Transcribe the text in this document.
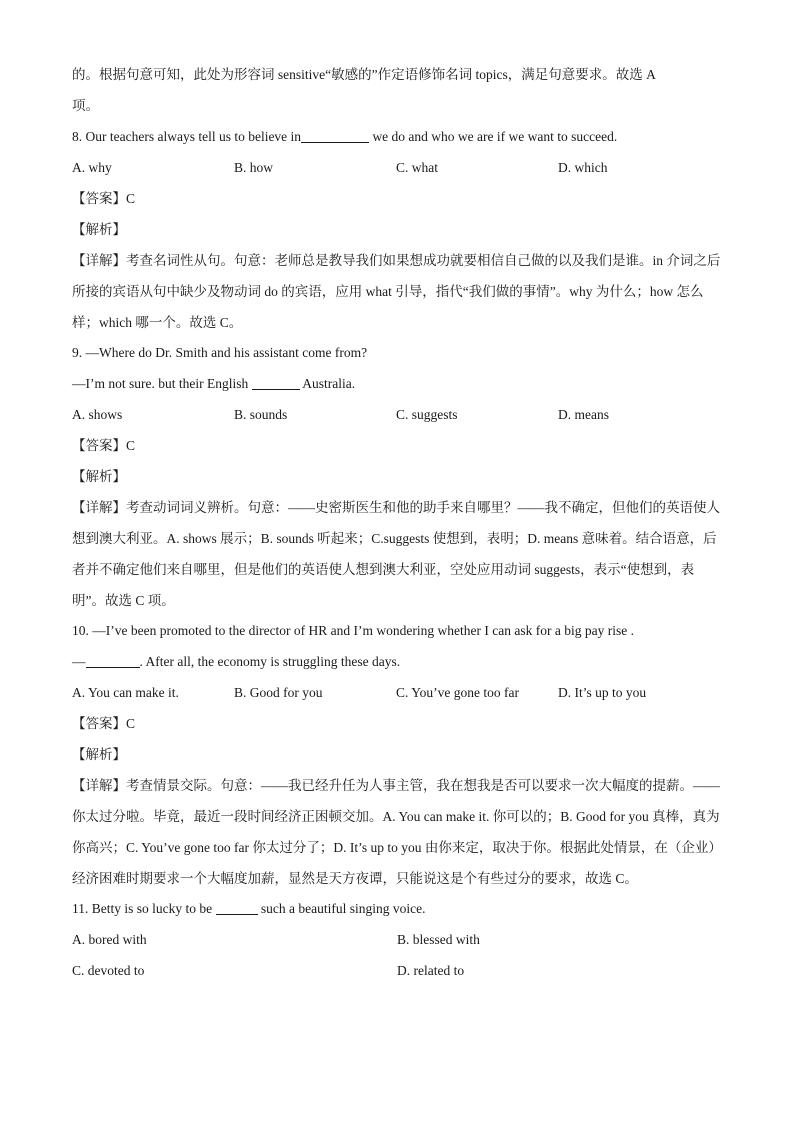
的。根据句意可知，此处为形容词 sensitive“敏感的”作定语修饰名词 topics，满足句意要求。故选 A
项。
8. Our teachers always tell us to believe in	we do and who we are if we want to succeed.
A. why	B. how	C. what	D. which
【答案】C
【解析】
【详解】考查名词性从句。句意：老师总是教导我们如果想成功就要相信自己做的以及我们是谁。in 介词之后所接的宾语从句中缺少及物动词 do 的宾语，应用 what 引导，指代“我们做的事情”。why 为什么；how 怎么样；which 哪一个。故选 C。
9. —Where do Dr. Smith and his assistant come from?
—I’m not sure. but their English	Australia.
A. shows	B. sounds	C. suggests	D. means
【答案】C
【解析】
【详解】考查动词词义辨析。句意：——史密斯医生和他的助手来自哪里？——我不确定，但他们的英语使人想到澳大利亚。A. shows 展示；B. sounds 听起来；C.suggests 使想到，表明；D. means 意味着。结合语意，后者并不确定他们来自哪里，但是他们的英语使人想到澳大利亚，空处应用动词 suggests，表示“使想到，表明”。故选 C 项。
10. —I’ve been promoted to the director of HR and I’m wondering whether I can ask for a big pay rise .
—	. After all, the economy is struggling these days.
A. You can make it.	B. Good for you	C. You’ve gone too far	D. It’s up to you
【答案】C
【解析】
【详解】考查情景交际。句意：——我已经升任为人事主管，我在想我是否可以要求一次大幅度的提薪。——你太过分啦。毕竟，最近一段时间经济正困顿交加。A. You can make it. 你可以的；B. Good for you 真棒，真为你高兴；C. You’ve gone too far 你太过分了；D. It’s up to you 由你来定，取决于你。根据此处情景，在（企业）经济困难时期要求一个大幅度加薪，显然是天方夜谭，只能说这是个有些过分的要求，故选 C。
11. Betty is so lucky to be	such a beautiful singing voice.
A. bored with	B. blessed with
C. devoted to	D. related to
